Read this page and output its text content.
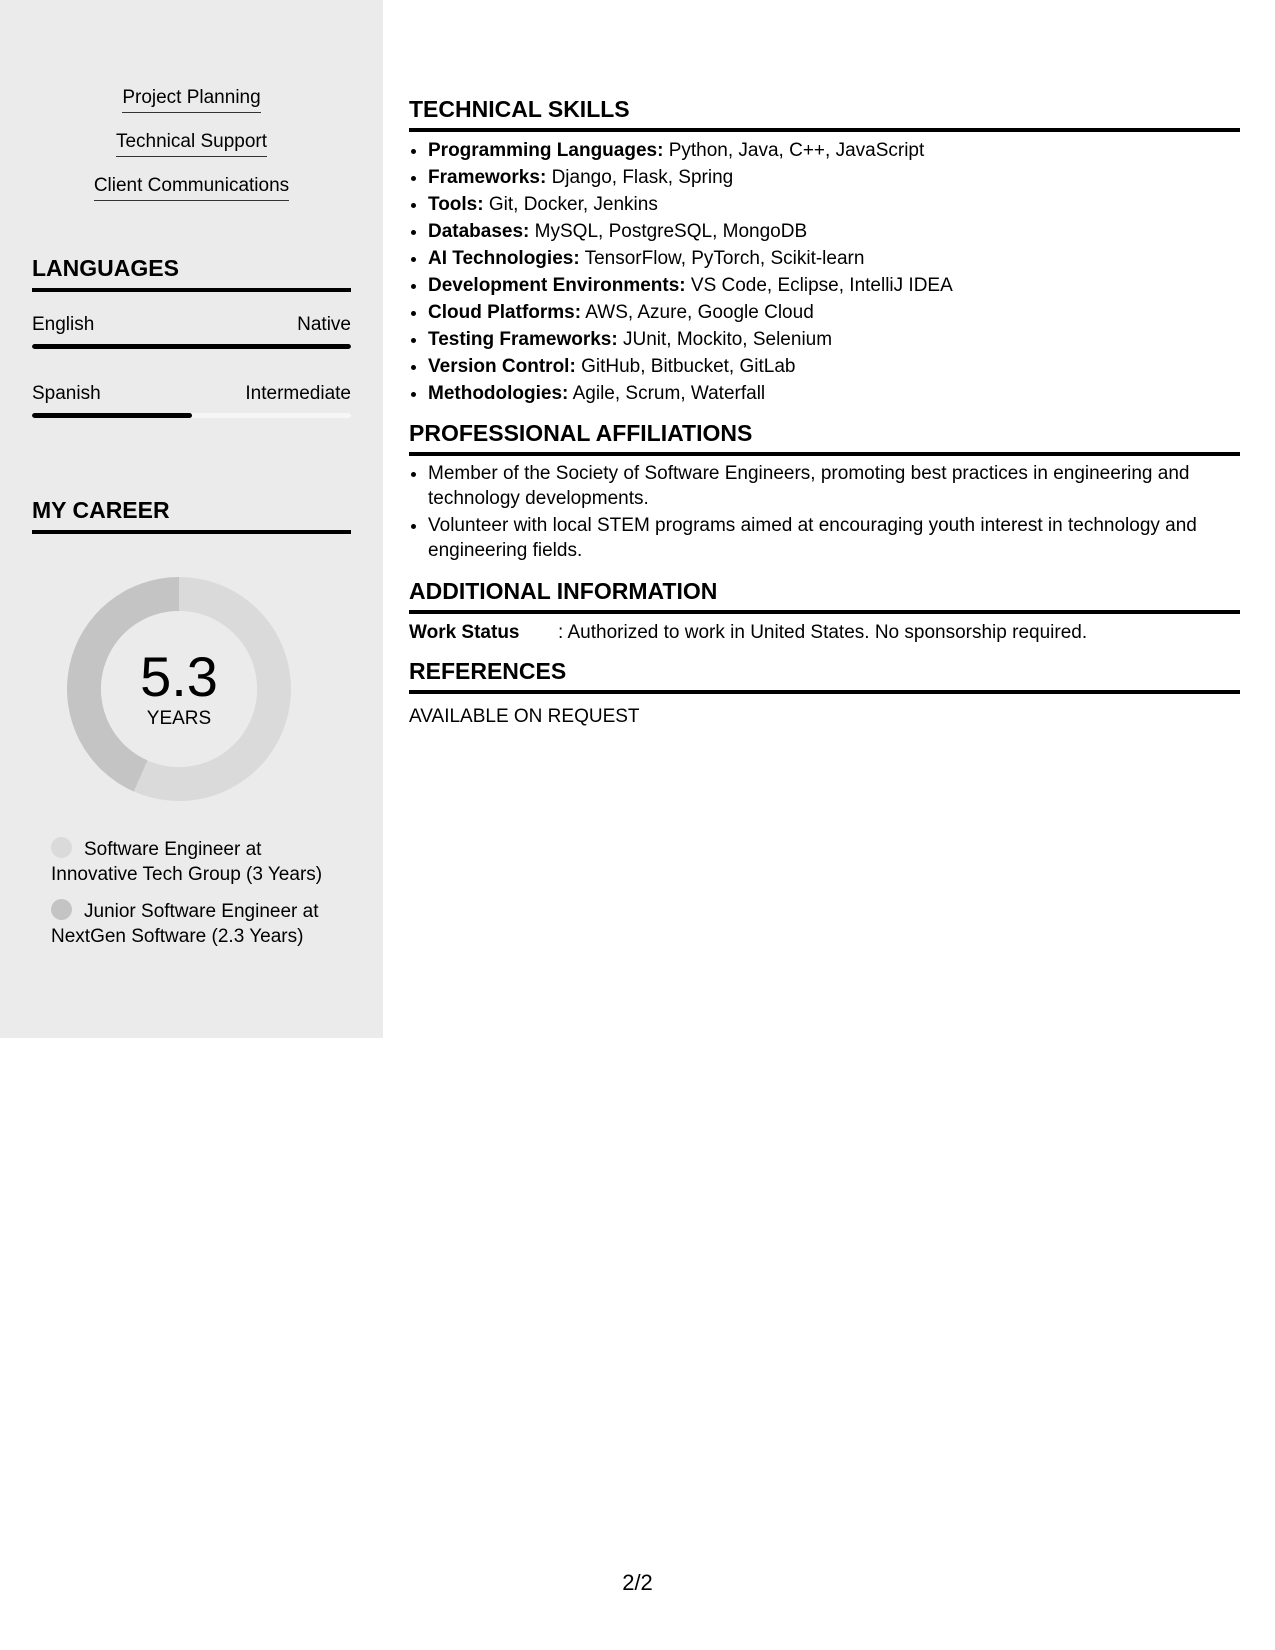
Project Planning
Technical Support
Client Communications
LANGUAGES
English	Native
Spanish	Intermediate
MY CAREER
5.3
YEARS
Software Engineer at Innovative Tech Group (3 Years)
Junior Software Engineer at NextGen Software (2.3 Years)
TECHNICAL SKILLS
• Programming Languages: Python, Java, C++, JavaScript
• Frameworks: Django, Flask, Spring
• Tools: Git, Docker, Jenkins
• Databases: MySQL, PostgreSQL, MongoDB
• AI Technologies: TensorFlow, PyTorch, Scikit-learn
• Development Environments: VS Code, Eclipse, IntelliJ IDEA
• Cloud Platforms: AWS, Azure, Google Cloud
• Testing Frameworks: JUnit, Mockito, Selenium
• Version Control: GitHub, Bitbucket, GitLab
• Methodologies: Agile, Scrum, Waterfall
PROFESSIONAL AFFILIATIONS
• Member of the Society of Software Engineers, promoting best practices in engineering and technology developments.
• Volunteer with local STEM programs aimed at encouraging youth interest in technology and engineering fields.
ADDITIONAL INFORMATION
Work Status	: Authorized to work in United States. No sponsorship required.
REFERENCES
AVAILABLE ON REQUEST
2/2
